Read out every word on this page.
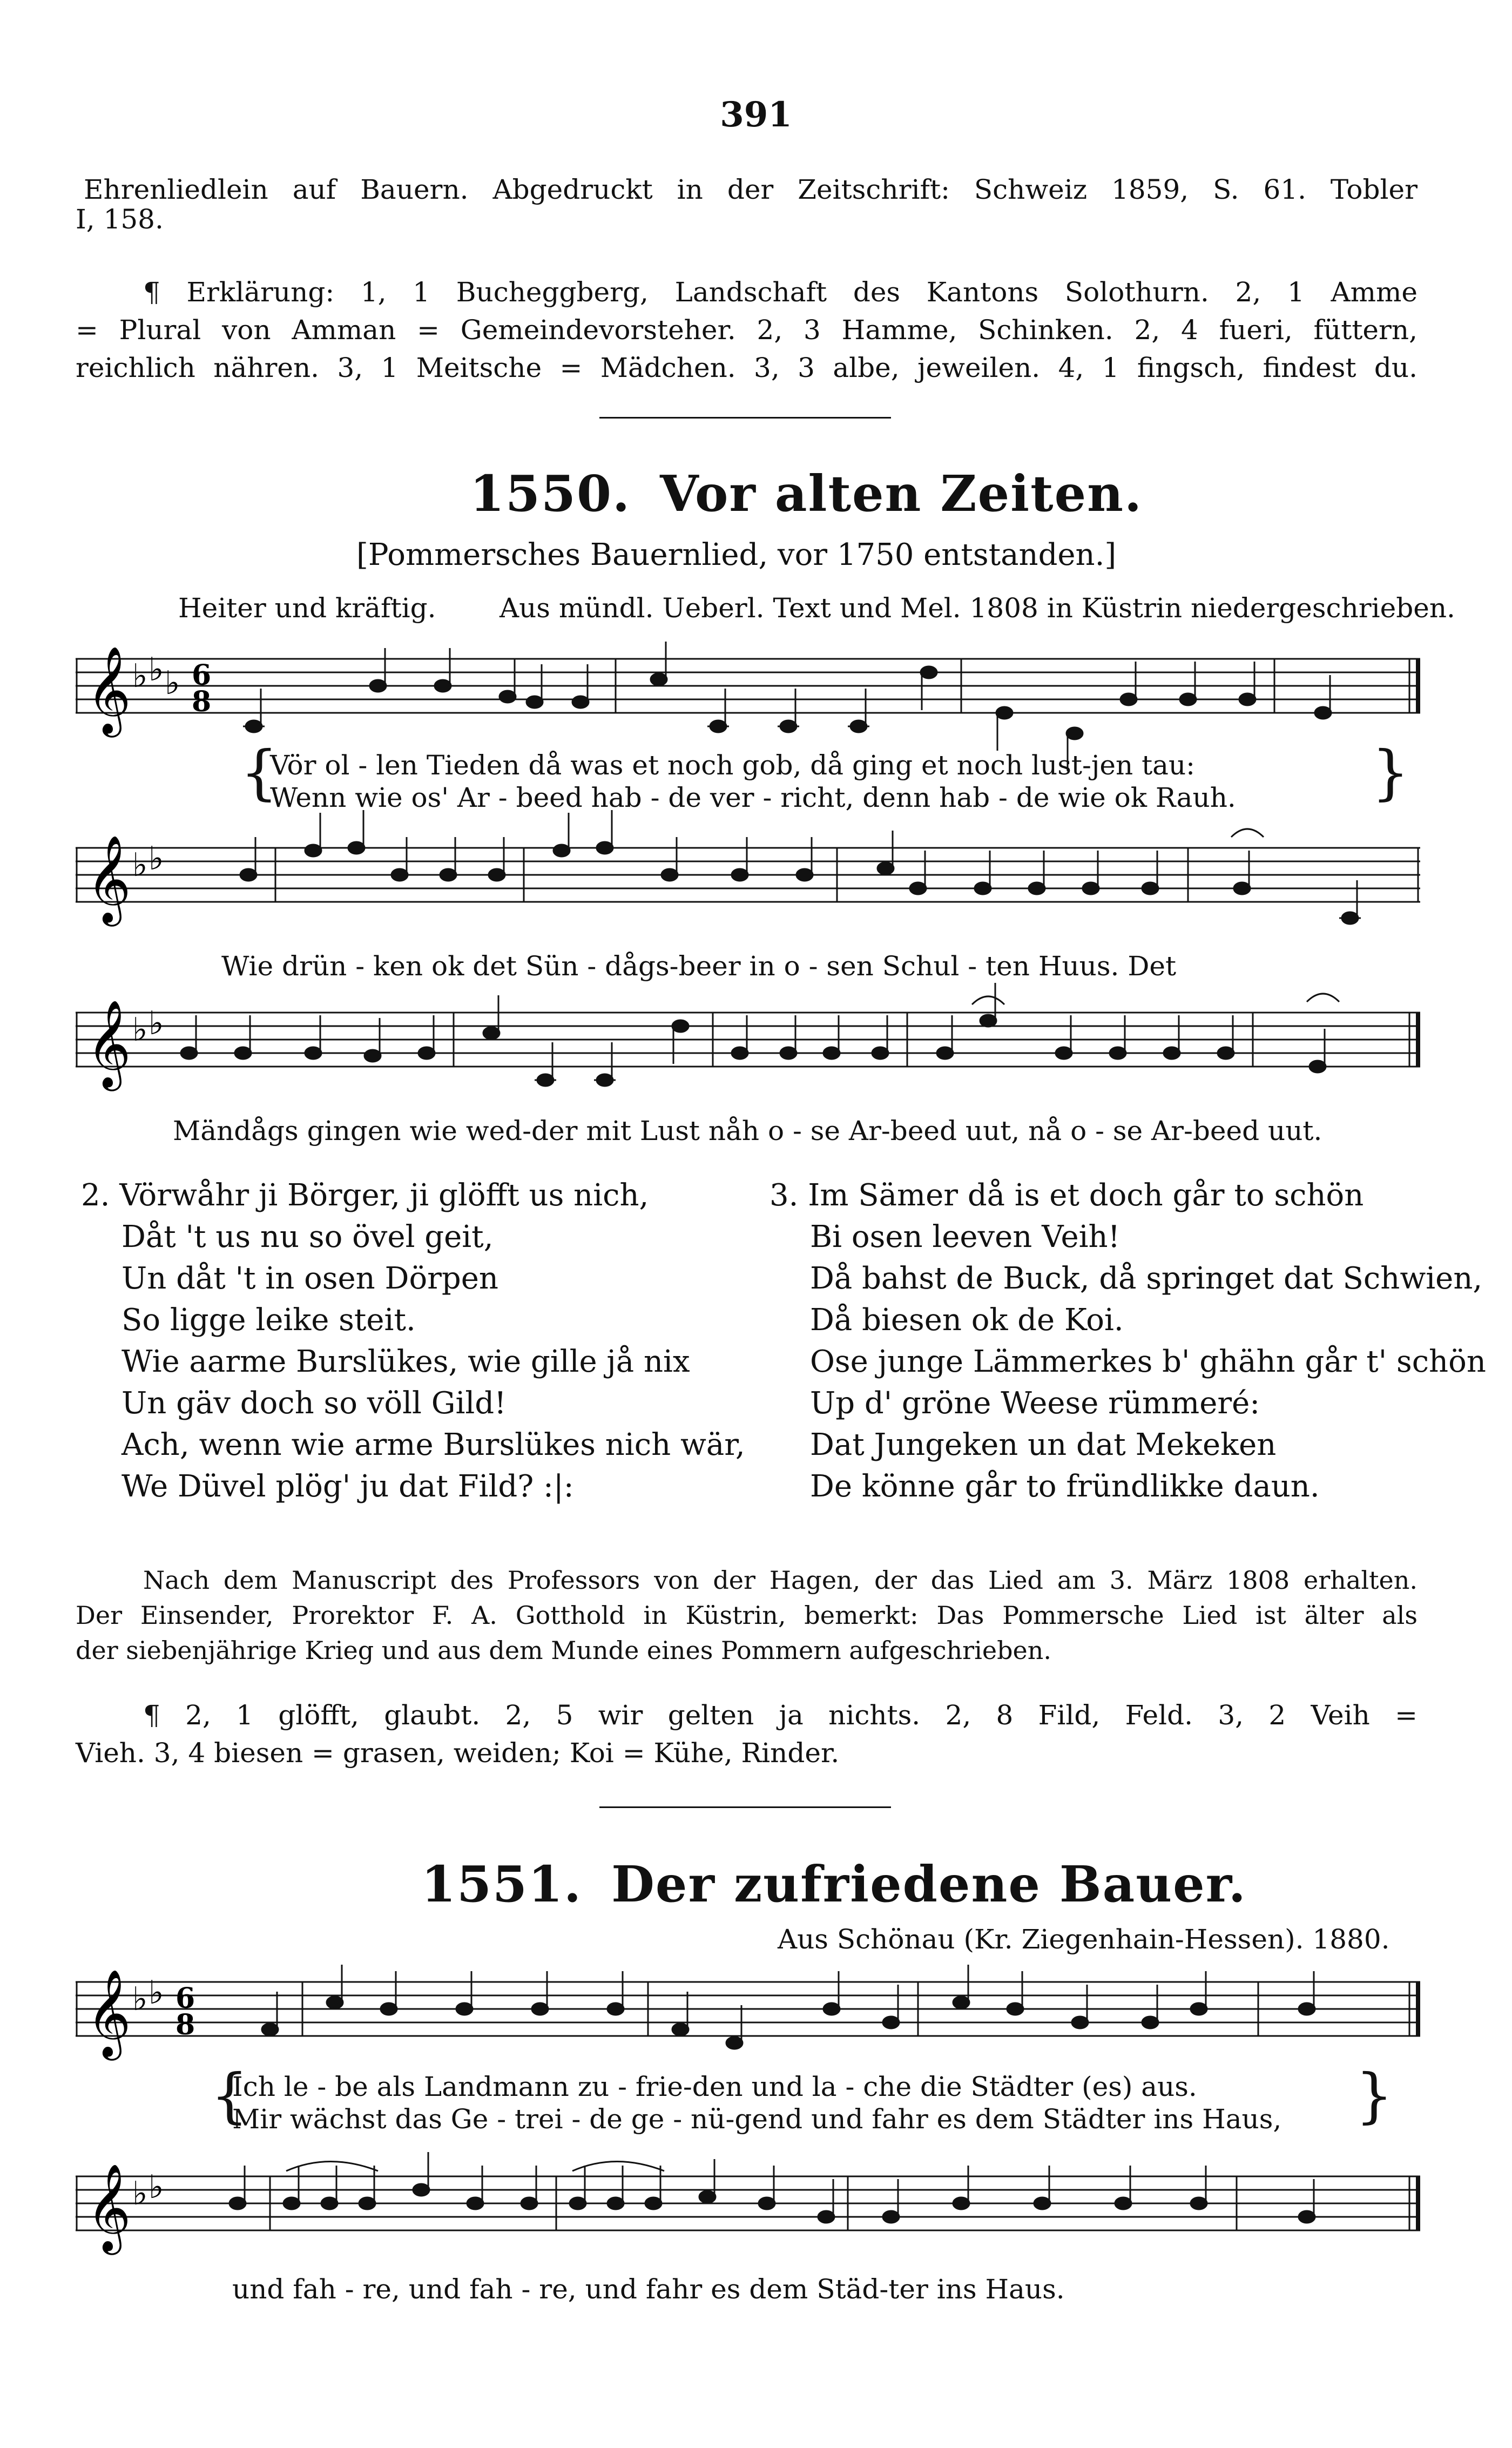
391
Ehrenliedlein auf Bauern. Abgedruckt in der Zeitschrift: Schweiz 1859, S. 61. Tobler
I, 158.
¶ Erklärung: 1, 1 Bucheggberg, Landschaft des Kantons Solothurn. 2, 1 Amme
= Plural von Amman = Gemeindevorsteher. 2, 3 Hamme, Schinken. 2, 4 fueri, füttern,
reichlich nähren. 3, 1 Meitsche = Mädchen. 3, 3 albe, jeweilen. 4, 1 fingsch, findest du.
1550. Vor alten Zeiten.
[Pommersches Bauernlied, vor 1750 entstanden.]
Heiter und kräftig. Aus mündl. Ueberl. Text und Mel. 1808 in Küstrin niedergeschrieben.
𝄞 ♭ ♭ ♭ 6
8
{
Vör ol - len Tieden då was et noch gob, då ging et noch lust-jen tau:
Wenn wie os' Ar - beed hab - de ver - richt, denn hab - de wie ok Rauh. }
𝄞 ♭ ♭
Wie drün - ken ok det Sün - dågs-beer in o - sen Schul - ten Huus. Det
𝄞 ♭ ♭
Mändågs gingen wie wed-der mit Lust nåh o - se Ar-beed uut, nå o - se Ar-beed uut.
2. Vörwåhr ji Börger, ji glöfft us nich,
Dåt 't us nu so övel geit,
Un dåt 't in osen Dörpen
So ligge leike steit.
Wie aarme Burslükes, wie gille jå nix
Un gäv doch so völl Gild!
Ach, wenn wie arme Burslükes nich wär,
We Düvel plög' ju dat Fild? :|:
3. Im Sämer då is et doch går to schön
Bi osen leeven Veih!
Då bahst de Buck, då springet dat Schwien,
Då biesen ok de Koi.
Ose junge Lämmerkes b' ghähn går t' schön
Up d' gröne Weese rümmeré:
Dat Jungeken un dat Mekeken
De könne går to fründlikke daun.
Nach dem Manuscript des Professors von der Hagen, der das Lied am 3. März 1808 erhalten.
Der Einsender, Prorektor F. A. Gotthold in Küstrin, bemerkt: Das Pommersche Lied ist älter als
der siebenjährige Krieg und aus dem Munde eines Pommern aufgeschrieben.
¶ 2, 1 glöfft, glaubt. 2, 5 wir gelten ja nichts. 2, 8 Fild, Feld. 3, 2 Veih =
Vieh. 3, 4 biesen = grasen, weiden; Koi = Kühe, Rinder.
1551. Der zufriedene Bauer.
Aus Schönau (Kr. Ziegenhain-Hessen). 1880.
𝄞 ♭ ♭ 6
8
{
Ich le - be als Landmann zu - frie-den und la - che die Städter (es) aus.
Mir wächst das Ge - trei - de ge - nü-gend und fahr es dem Städter ins Haus, }
𝄞 ♭ ♭
und fah - re, und fah - re, und fahr es dem Städ-ter ins Haus.
